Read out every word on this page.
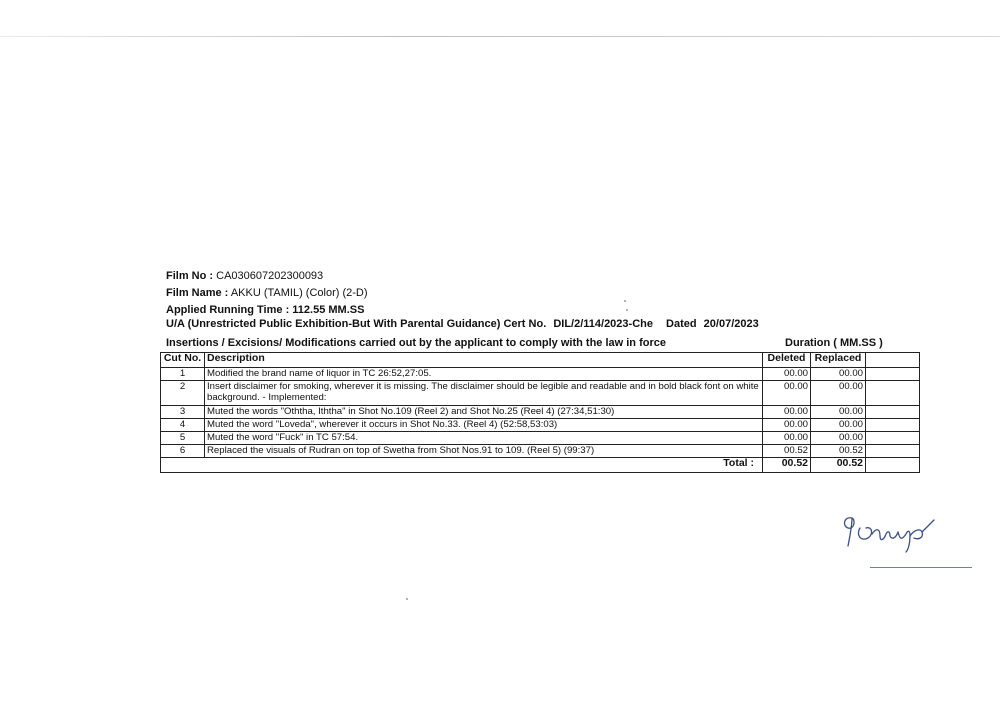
Film No : CA030607202300093
Film Name : AKKU (TAMIL) (Color) (2-D)
Applied Running Time : 112.55 MM.SS
U/A (Unrestricted Public Exhibition-But With Parental Guidance) Cert No. DIL/2/114/2023-Che Dated 20/07/2023
Insertions / Excisions/ Modifications carried out by the applicant to comply with the law in force	Duration ( MM.SS )
Cut No.	Description	Deleted	Replaced	
1	Modified the brand name of liquor in TC 26:52,27:05.	00.00	00.00	
2	Insert disclaimer for smoking, wherever it is missing. The disclaimer should be legible and readable and in bold black font on white background. - Implemented:	00.00	00.00	
3	Muted the words "Oththa, Iththa" in Shot No.109 (Reel 2) and Shot No.25 (Reel 4) (27:34,51:30)	00.00	00.00	
4	Muted the word "Loveda", wherever it occurs in Shot No.33. (Reel 4) (52:58,53:03)	00.00	00.00	
5	Muted the word "Fuck" in TC 57:54.	00.00	00.00	
6	Replaced the visuals of Rudran on top of Swetha from Shot Nos.91 to 109. (Reel 5) (99:37)	00.52	00.52	
Total :		00.52	00.52	
